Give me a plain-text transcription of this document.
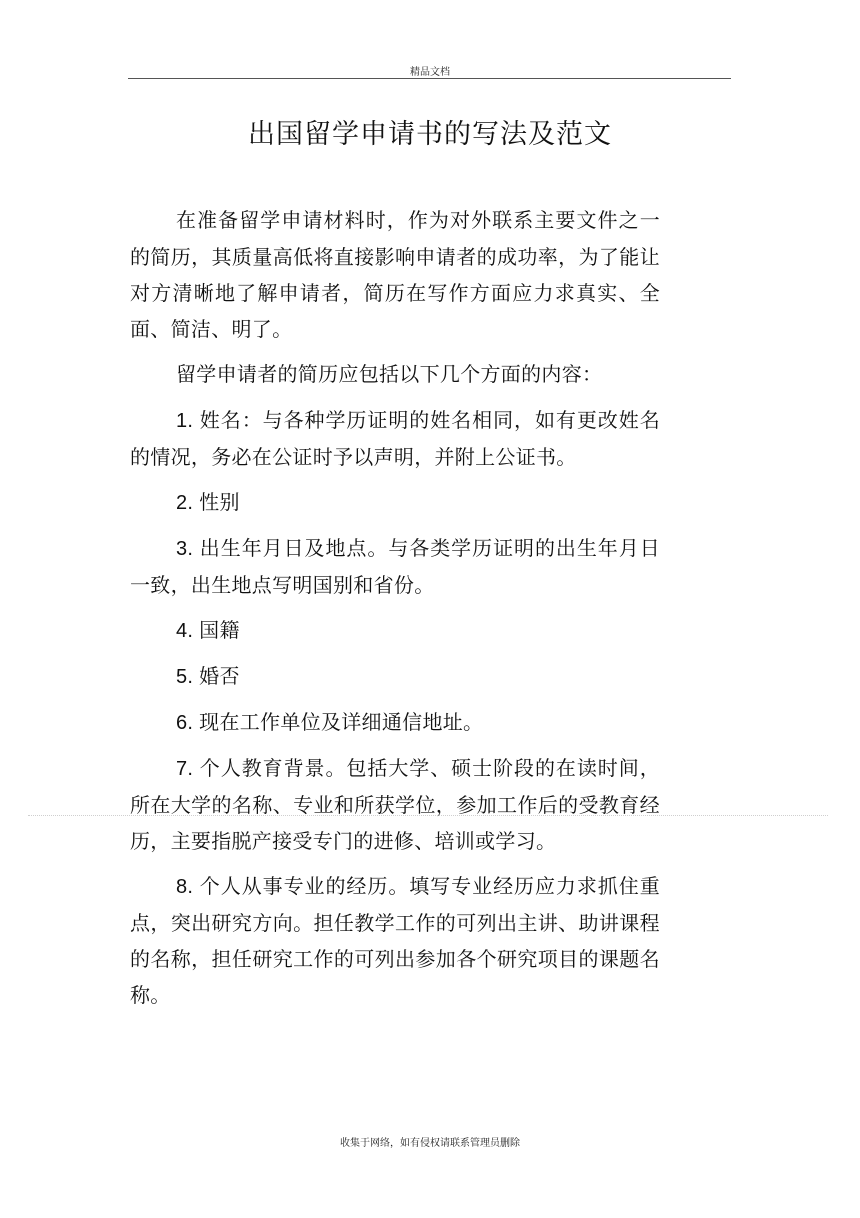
精品文档
出国留学申请书的写法及范文

在准备留学申请材料时，作为对外联系主要文件之一的简历，其质量高低将直接影响申请者的成功率，为了能让对方清晰地了解申请者，简历在写作方面应力求真实、全面、简洁、明了。

留学申请者的简历应包括以下几个方面的内容：

1. 姓名：与各种学历证明的姓名相同，如有更改姓名的情况，务必在公证时予以声明，并附上公证书。

2. 性别

3. 出生年月日及地点。与各类学历证明的出生年月日一致，出生地点写明国别和省份。

4. 国籍

5. 婚否

6. 现在工作单位及详细通信地址。

7. 个人教育背景。包括大学、硕士阶段的在读时间，所在大学的名称、专业和所获学位，参加工作后的受教育经历，主要指脱产接受专门的进修、培训或学习。

8. 个人从事专业的经历。填写专业经历应力求抓住重点，突出研究方向。担任教学工作的可列出主讲、助讲课程的名称，担任研究工作的可列出参加各个研究项目的课题名称。

收集于网络，如有侵权请联系管理员删除
